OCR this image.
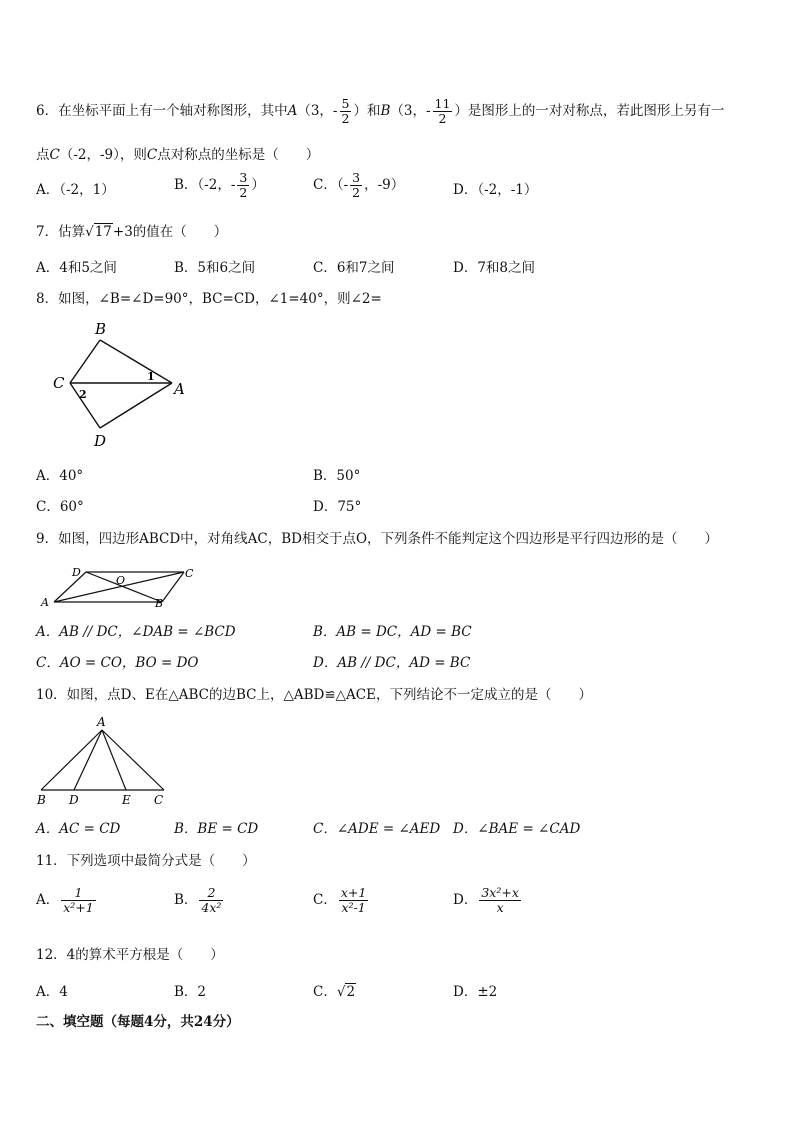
6．在坐标平面上有一个轴对称图形，其中A（3，- $\frac{5}{2}$ ）和B（3，- $\frac{11}{2}$ ）是图形上的一对对称点，若此图形上另有一
点C（-2，-9），则C点对称点的坐标是（　　）
A．（-2，1）	B．（-2，- $\frac{3}{2}$ ）	C．（- $\frac{3}{2}$ ，-9）	D．（-2，-1）
7．估算√17+3的值在（　　）
A．4和5之间	B．5和6之间	C．6和7之间	D．7和8之间
8．如图，∠B=∠D=90°，BC=CD，∠1=40°，则∠2=
B
C	A
D
1
2
A．40°	B．50°
C．60°	D．75°
9．如图，四边形ABCD中，对角线AC，BD相交于点O，下列条件不能判定这个四边形是平行四边形的是（　　）
D
O
C
A	B
A．AB // DC，∠DAB = ∠BCD	B．AB = DC，AD = BC
C．AO = CO，BO = DO	D．AB // DC，AD = BC
10．如图，点D、E在△ABC的边BC上，△ABD≌△ACE，下列结论不一定成立的是（　　）
A
B D	E C
A．AC = CD	B．BE = CD	C．∠ADE = ∠AED D．∠BAE = ∠CAD
11．下列选项中最简分式是（　　）
A． $\frac{1}{\text{x²+1}}$	B． $\frac{2}{\text{4x²}}$	C． $\frac{x+1}{\text{x²-1}}$	D． $\frac{\text{3x²+x}}{x}$
12．4的算术平方根是（　　）
A．4	B．2	C．√2	D．±2
二、填空题（每题4分，共24分）
